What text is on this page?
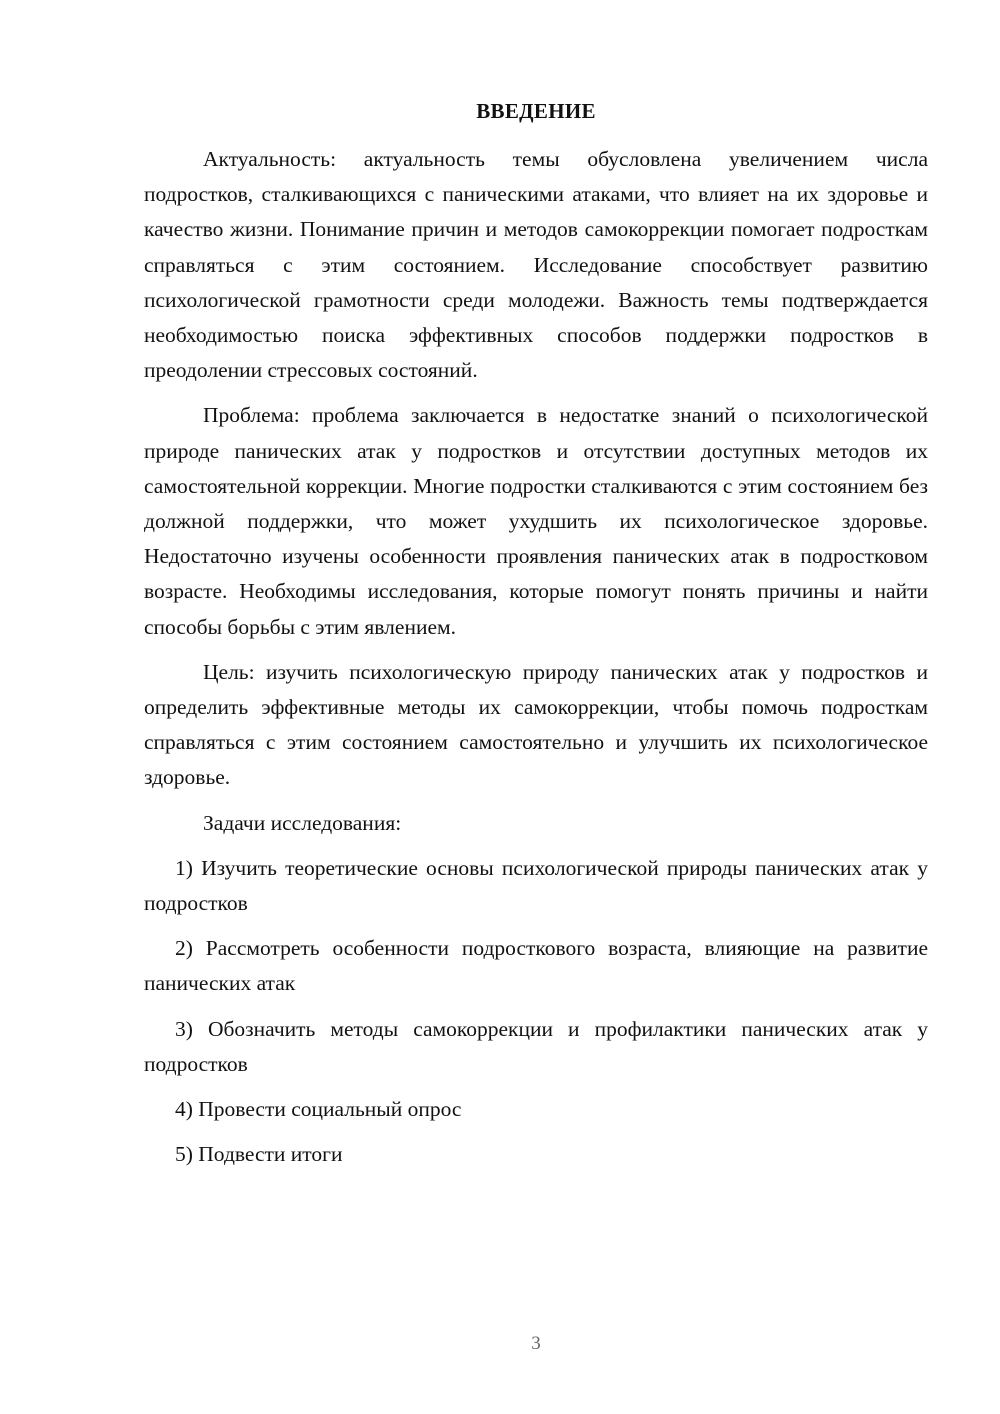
ВВЕДЕНИЕ

Актуальность: актуальность темы обусловлена увеличением числа подростков, сталкивающихся с паническими атаками, что влияет на их здоровье и качество жизни. Понимание причин и методов самокоррекции помогает подросткам справляться с этим состоянием. Исследование способствует развитию психологической грамотности среди молодежи. Важность темы подтверждается необходимостью поиска эффективных способов поддержки подростков в преодолении стрессовых состояний.

Проблема: проблема заключается в недостатке знаний о психологической природе панических атак у подростков и отсутствии доступных методов их самостоятельной коррекции. Многие подростки сталкиваются с этим состоянием без должной поддержки, что может ухудшить их психологическое здоровье. Недостаточно изучены особенности проявления панических атак в подростковом возрасте. Необходимы исследования, которые помогут понять причины и найти способы борьбы с этим явлением.

Цель: изучить психологическую природу панических атак у подростков и определить эффективные методы их самокоррекции, чтобы помочь подросткам справляться с этим состоянием самостоятельно и улучшить их психологическое здоровье.

Задачи исследования:

1) Изучить теоретические основы психологической природы панических атак у подростков

2) Рассмотреть особенности подросткового возраста, влияющие на развитие панических атак

3) Обозначить методы самокоррекции и профилактики панических атак у подростков

4) Провести социальный опрос

5) Подвести итоги

3
